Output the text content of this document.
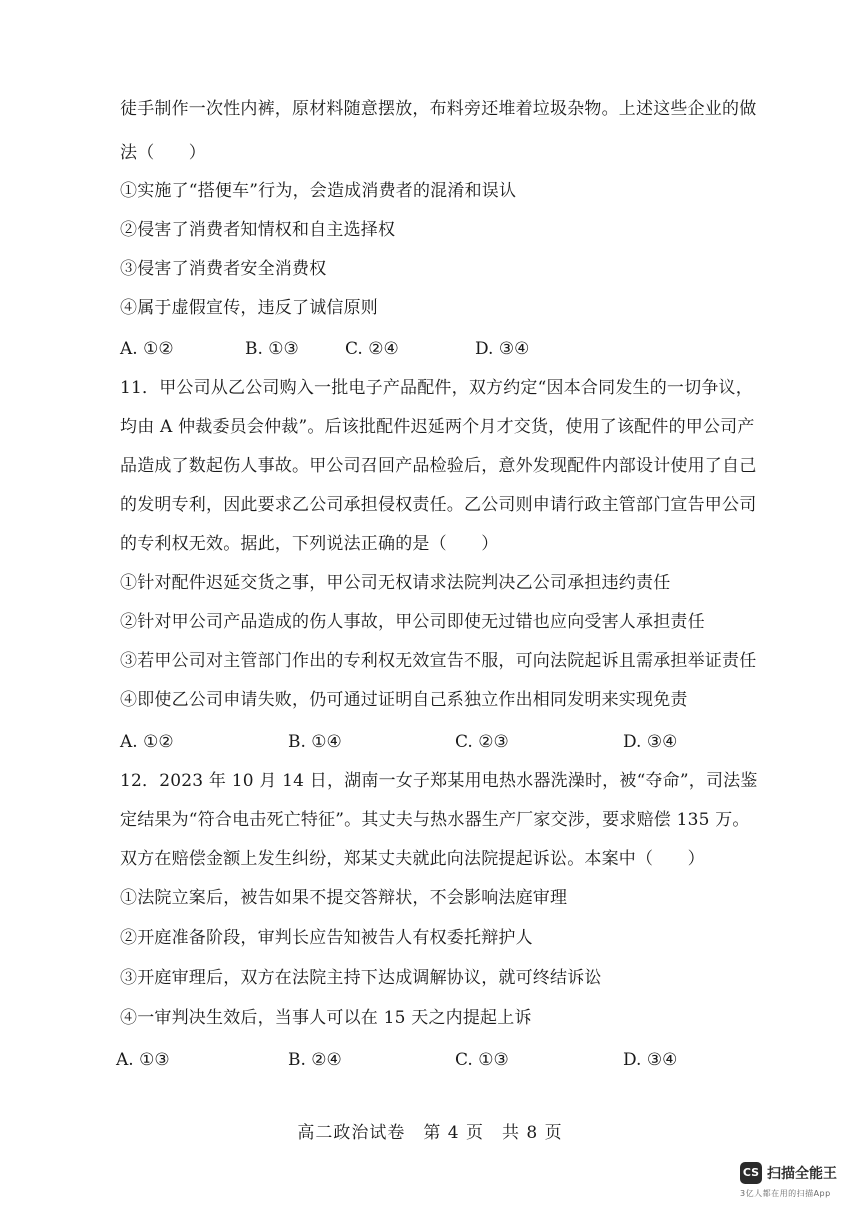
徒手制作一次性内裤，原材料随意摆放，布料旁还堆着垃圾杂物。上述这些企业的做
法（　　）
①实施了“搭便车”行为，会造成消费者的混淆和误认
②侵害了消费者知情权和自主选择权
③侵害了消费者安全消费权
④属于虚假宣传，违反了诚信原则
A. ①②	B. ①③	C. ②④	D. ③④
11．甲公司从乙公司购入一批电子产品配件，双方约定“因本合同发生的一切争议，
均由 A 仲裁委员会仲裁”。后该批配件迟延两个月才交货，使用了该配件的甲公司产
品造成了数起伤人事故。甲公司召回产品检验后，意外发现配件内部设计使用了自己
的发明专利，因此要求乙公司承担侵权责任。乙公司则申请行政主管部门宣告甲公司
的专利权无效。据此，下列说法正确的是（　　）
①针对配件迟延交货之事，甲公司无权请求法院判决乙公司承担违约责任
②针对甲公司产品造成的伤人事故，甲公司即使无过错也应向受害人承担责任
③若甲公司对主管部门作出的专利权无效宣告不服，可向法院起诉且需承担举证责任
④即使乙公司申请失败，仍可通过证明自己系独立作出相同发明来实现免责
A. ①②	B. ①④	C. ②③	D. ③④
12．2023 年 10 月 14 日，湖南一女子郑某用电热水器洗澡时，被“夺命”，司法鉴
定结果为“符合电击死亡特征”。其丈夫与热水器生产厂家交涉，要求赔偿 135 万。
双方在赔偿金额上发生纠纷，郑某丈夫就此向法院提起诉讼。本案中（　　）
①法院立案后，被告如果不提交答辩状，不会影响法庭审理
②开庭准备阶段，审判长应告知被告人有权委托辩护人
③开庭审理后，双方在法院主持下达成调解协议，就可终结诉讼
④一审判决生效后，当事人可以在 15 天之内提起上诉
A. ①③	B. ②④	C. ①③	D. ③④
高二政治试卷　第 4 页　共 8 页
CS 扫描全能王
3亿人都在用的扫描App
